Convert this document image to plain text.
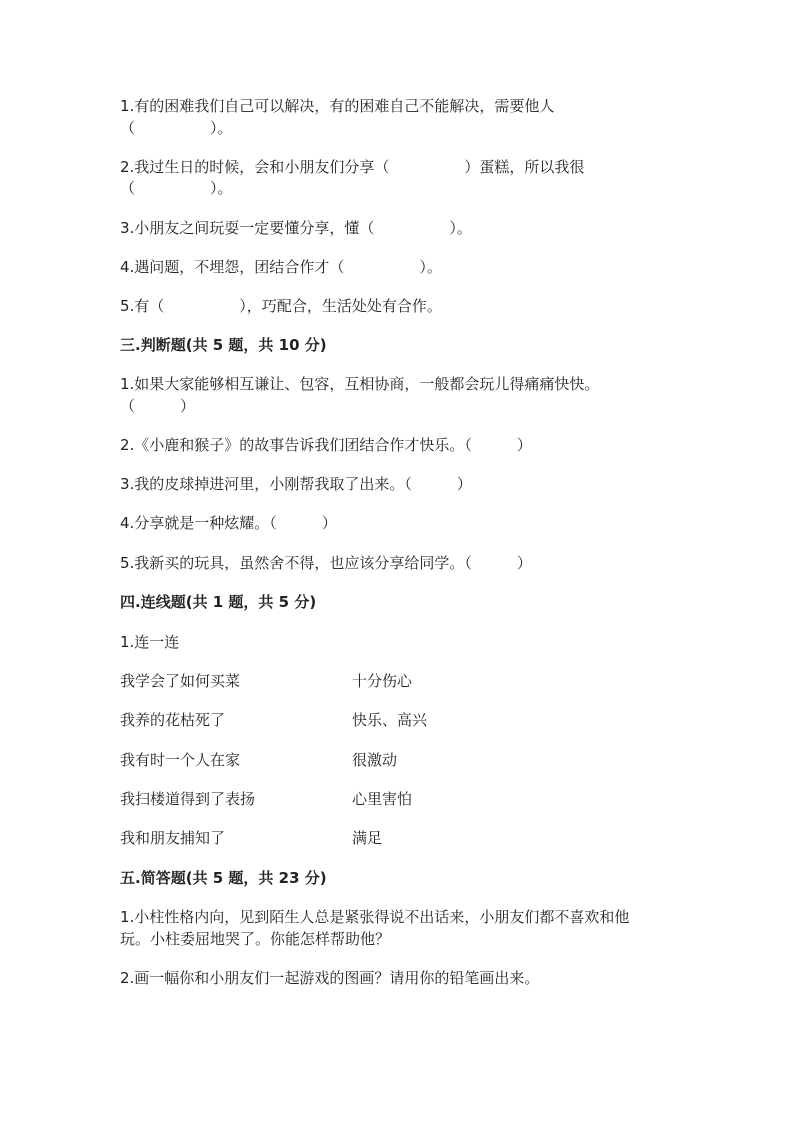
1.有的困难我们自己可以解决，有的困难自己不能解决，需要他人
（　　　　　）。
2.我过生日的时候，会和小朋友们分享（　　　　　）蛋糕，所以我很
（　　　　　）。
3.小朋友之间玩耍一定要懂分享，懂（　　　　　）。
4.遇问题，不埋怨，团结合作才（　　　　　）。
5.有（　　　　　），巧配合，生活处处有合作。
三.判断题(共 5 题，共 10 分)
1.如果大家能够相互谦让、包容，互相协商，一般都会玩儿得痛痛快快。
（　　　）
2.《小鹿和猴子》的故事告诉我们团结合作才快乐。（　　　）
3.我的皮球掉进河里，小刚帮我取了出来。（　　　）
4.分享就是一种炫耀。（　　　）
5.我新买的玩具，虽然舍不得，也应该分享给同学。（　　　）
四.连线题(共 1 题，共 5 分)
1.连一连
我学会了如何买菜	十分伤心
我养的花枯死了	快乐、高兴
我有时一个人在家	很激动
我扫楼道得到了表扬	心里害怕
我和朋友捕知了	满足
五.简答题(共 5 题，共 23 分)
1.小柱性格内向，见到陌生人总是紧张得说不出话来，小朋友们都不喜欢和他
玩。小柱委屈地哭了。你能怎样帮助他？
2.画一幅你和小朋友们一起游戏的图画？请用你的铅笔画出来。
